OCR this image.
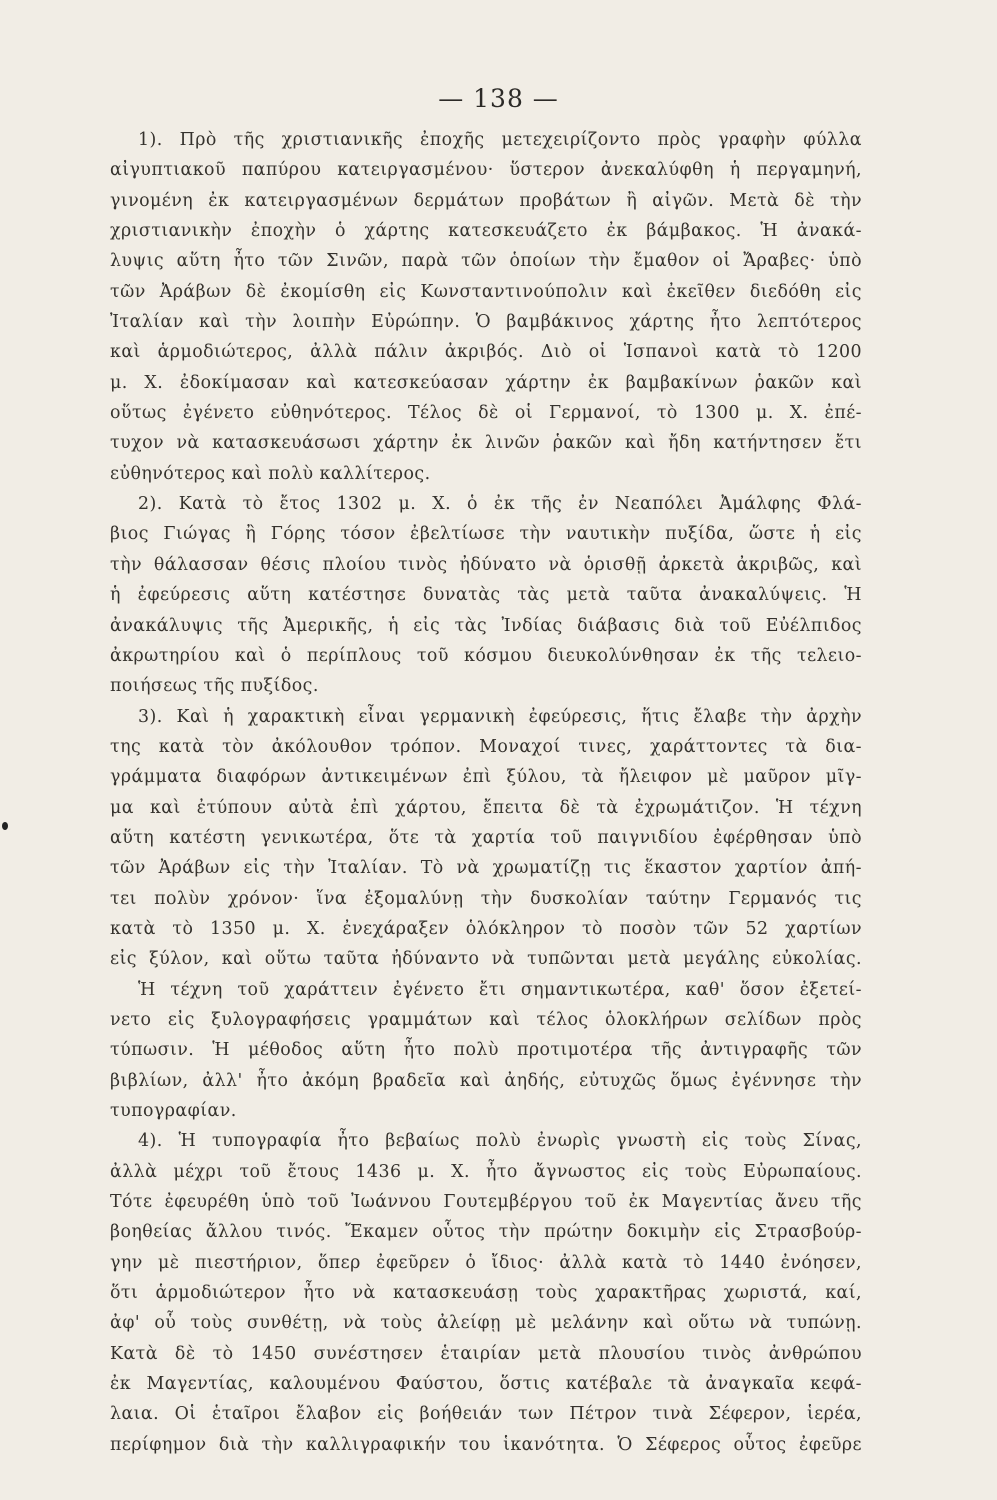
— 138 —
1). Πρὸ τῆς χριστιανικῆς ἐποχῆς μετεχειρίζοντο πρὸς γραφὴν φύλλα
αἰγυπτιακοῦ παπύρου κατειργασμένου· ὕστερον ἀνεκαλύφθη ἡ περγαμηνή,
γινομένη ἐκ κατειργασμένων δερμάτων προβάτων ἢ αἰγῶν. Μετὰ δὲ τὴν
χριστιανικὴν ἐποχὴν ὁ χάρτης κατεσκευάζετο ἐκ βάμβακος. Ἡ ἀνακά-
λυψις αὕτη ἦτο τῶν Σινῶν, παρὰ τῶν ὁποίων τὴν ἔμαθον οἱ Ἄραβες· ὑπὸ
τῶν Ἀράβων δὲ ἐκομίσθη εἰς Κωνσταντινούπολιν καὶ ἐκεῖθεν διεδόθη εἰς
Ἰταλίαν καὶ τὴν λοιπὴν Εὐρώπην. Ὁ βαμβάκινος χάρτης ἦτο λεπτότερος
καὶ ἁρμοδιώτερος, ἀλλὰ πάλιν ἀκριβός. Διὸ οἱ Ἱσπανοὶ κατὰ τὸ 1200
μ. Χ. ἐδοκίμασαν καὶ κατεσκεύασαν χάρτην ἐκ βαμβακίνων ῥακῶν καὶ
οὕτως ἐγένετο εὐθηνότερος. Τέλος δὲ οἱ Γερμανοί, τὸ 1300 μ. Χ. ἐπέ-
τυχον νὰ κατασκευάσωσι χάρτην ἐκ λινῶν ῥακῶν καὶ ἤδη κατήντησεν ἔτι
εὐθηνότερος καὶ πολὺ καλλίτερος.
2). Κατὰ τὸ ἔτος 1302 μ. Χ. ὁ ἐκ τῆς ἐν Νεαπόλει Ἀμάλφης Φλά-
βιος Γιώγας ἢ Γόρης τόσον ἐβελτίωσε τὴν ναυτικὴν πυξίδα, ὥστε ἡ εἰς
τὴν θάλασσαν θέσις πλοίου τινὸς ἠδύνατο νὰ ὁρισθῇ ἀρκετὰ ἀκριβῶς, καὶ
ἡ ἐφεύρεσις αὕτη κατέστησε δυνατὰς τὰς μετὰ ταῦτα ἀνακαλύψεις. Ἡ
ἀνακάλυψις τῆς Ἀμερικῆς, ἡ εἰς τὰς Ἰνδίας διάβασις διὰ τοῦ Εὐέλπιδος
ἀκρωτηρίου καὶ ὁ περίπλους τοῦ κόσμου διευκολύνθησαν ἐκ τῆς τελειο-
ποιήσεως τῆς πυξίδος.
3). Καὶ ἡ χαρακτικὴ εἶναι γερμανικὴ ἐφεύρεσις, ἥτις ἔλαβε τὴν ἀρχὴν
της κατὰ τὸν ἀκόλουθον τρόπον. Μοναχοί τινες, χαράττοντες τὰ δια-
γράμματα διαφόρων ἀντικειμένων ἐπὶ ξύλου, τὰ ἤλειφον μὲ μαῦρον μῖγ-
μα καὶ ἐτύπουν αὐτὰ ἐπὶ χάρτου, ἔπειτα δὲ τὰ ἐχρωμάτιζον. Ἡ τέχνη
αὕτη κατέστη γενικωτέρα, ὅτε τὰ χαρτία τοῦ παιγνιδίου ἐφέρθησαν ὑπὸ
τῶν Ἀράβων εἰς τὴν Ἰταλίαν. Τὸ νὰ χρωματίζῃ τις ἕκαστον χαρτίον ἀπή-
τει πολὺν χρόνον· ἵνα ἐξομαλύνῃ τὴν δυσκολίαν ταύτην Γερμανός τις
κατὰ τὸ 1350 μ. Χ. ἐνεχάραξεν ὁλόκληρον τὸ ποσὸν τῶν 52 χαρτίων
εἰς ξύλον, καὶ οὕτω ταῦτα ἠδύναντο νὰ τυπῶνται μετὰ μεγάλης εὐκολίας.
Ἡ τέχνη τοῦ χαράττειν ἐγένετο ἔτι σημαντικωτέρα, καθ' ὅσον ἐξετεί-
νετο εἰς ξυλογραφήσεις γραμμάτων καὶ τέλος ὁλοκλήρων σελίδων πρὸς
τύπωσιν. Ἡ μέθοδος αὕτη ἦτο πολὺ προτιμοτέρα τῆς ἀντιγραφῆς τῶν
βιβλίων, ἀλλ' ἦτο ἀκόμη βραδεῖα καὶ ἀηδής, εὐτυχῶς ὅμως ἐγέννησε τὴν
τυπογραφίαν.
4). Ἡ τυπογραφία ἦτο βεβαίως πολὺ ἐνωρὶς γνωστὴ εἰς τοὺς Σίνας,
ἀλλὰ μέχρι τοῦ ἔτους 1436 μ. Χ. ἦτο ἄγνωστος εἰς τοὺς Εὐρωπαίους.
Τότε ἐφευρέθη ὑπὸ τοῦ Ἰωάννου Γουτεμβέργου τοῦ ἐκ Μαγεντίας ἄνευ τῆς
βοηθείας ἄλλου τινός. Ἔκαμεν οὗτος τὴν πρώτην δοκιμὴν εἰς Στρασβούρ-
γην μὲ πιεστήριον, ὅπερ ἐφεῦρεν ὁ ἴδιος· ἀλλὰ κατὰ τὸ 1440 ἐνόησεν,
ὅτι ἁρμοδιώτερον ἦτο νὰ κατασκευάσῃ τοὺς χαρακτῆρας χωριστά, καί,
ἀφ' οὗ τοὺς συνθέτῃ, νὰ τοὺς ἀλείφῃ μὲ μελάνην καὶ οὕτω νὰ τυπώνῃ.
Κατὰ δὲ τὸ 1450 συνέστησεν ἑταιρίαν μετὰ πλουσίου τινὸς ἀνθρώπου
ἐκ Μαγεντίας, καλουμένου Φαύστου, ὅστις κατέβαλε τὰ ἀναγκαῖα κεφά-
λαια. Οἱ ἑταῖροι ἔλαβον εἰς βοήθειάν των Πέτρον τινὰ Σέφερον, ἱερέα,
περίφημον διὰ τὴν καλλιγραφικήν του ἱκανότητα. Ὁ Σέφερος οὗτος ἐφεῦρε
